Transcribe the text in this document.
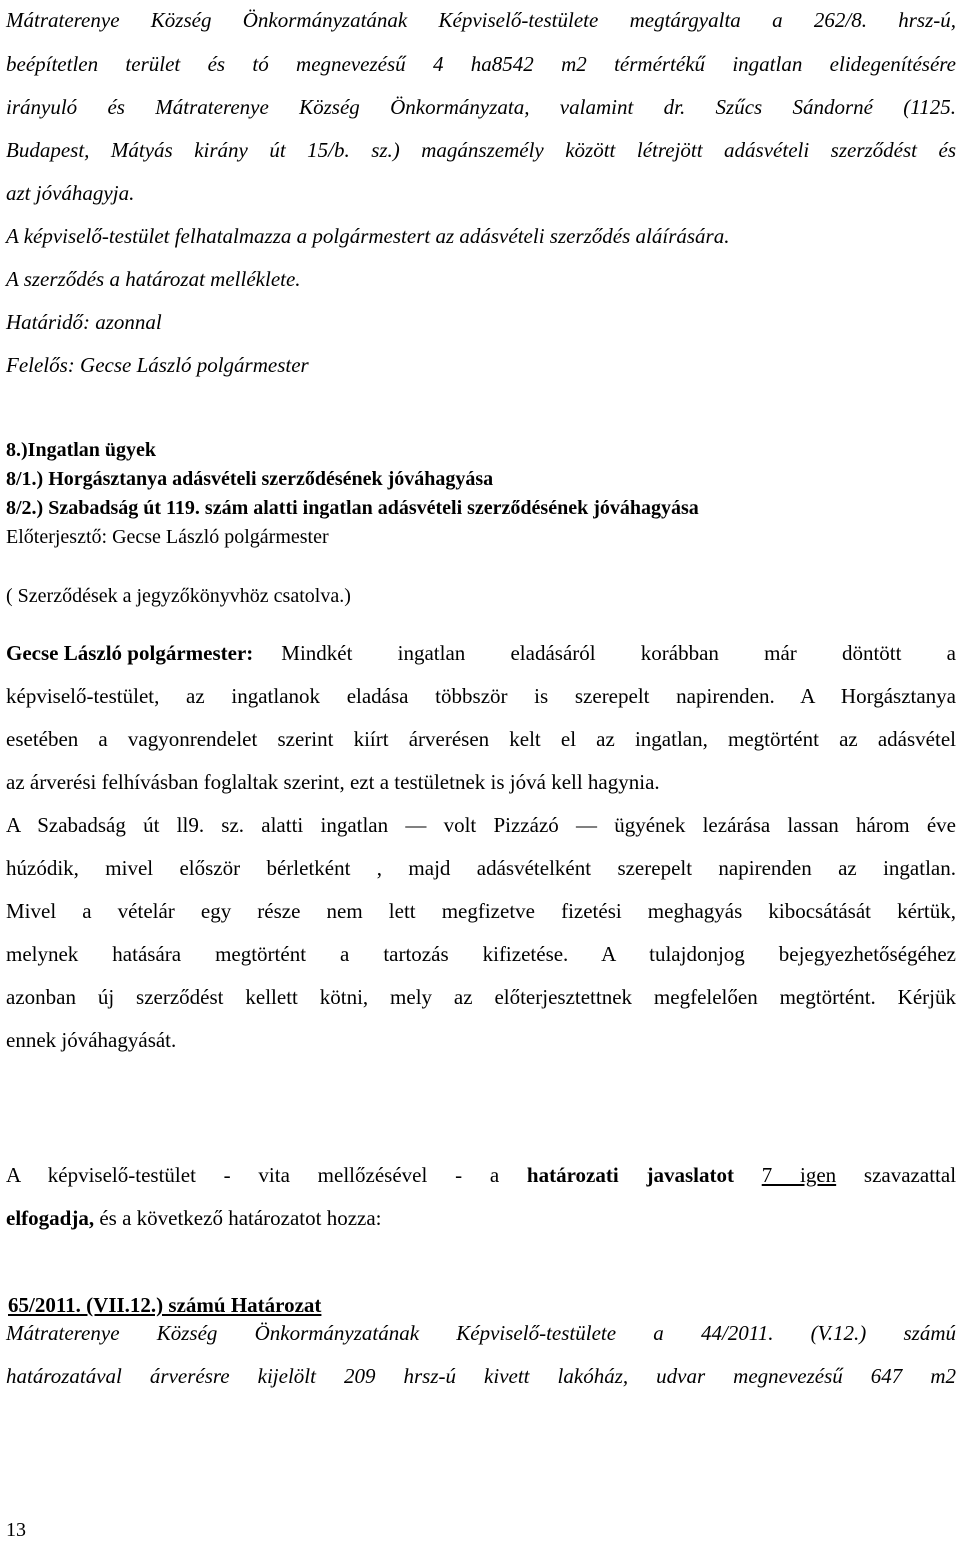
Mátraterenye Község Önkormányzatának Képviselő-testülete megtárgyalta a 262/8. hrsz-ú,
beépítetlen terület és tó megnevezésű 4 ha8542 m2 térmértékű ingatlan elidegenítésére
irányuló és Mátraterenye Község Önkormányzata, valamint dr. Szűcs Sándorné (1125.
Budapest, Mátyás kirány út 15/b. sz.) magánszemély között létrejött adásvételi szerződést és
azt jóváhagyja.
A képviselő-testület felhatalmazza a polgármestert az adásvételi szerződés aláírására.
A szerződés a határozat melléklete.
Határidő: azonnal
Felelős: Gecse László polgármester
8.)Ingatlan ügyek
8/1.) Horgásztanya adásvételi szerződésének jóváhagyása
8/2.) Szabadság út 119. szám alatti ingatlan adásvételi szerződésének jóváhagyása
Előterjesztő: Gecse László polgármester
( Szerződések a jegyzőkönyvhöz csatolva.)
Gecse László polgármester: Mindkét ingatlan eladásáról korábban már döntött a
képviselő-testület, az ingatlanok eladása többször is szerepelt napirenden. A Horgásztanya
esetében a vagyonrendelet szerint kiírt árverésen kelt el az ingatlan, megtörtént az adásvétel
az árverési felhívásban foglaltak szerint, ezt a testületnek is jóvá kell hagynia.
A Szabadság út ll9. sz. alatti ingatlan — volt Pizzázó — ügyének lezárása lassan három éve
húzódik, mivel először bérletként , majd adásvételként szerepelt napirenden az ingatlan.
Mivel a vételár egy része nem lett megfizetve fizetési meghagyás kibocsátását kértük,
melynek hatására megtörtént a tartozás kifizetése. A tulajdonjog bejegyezhetőségéhez
azonban új szerződést kellett kötni, mely az előterjesztettnek megfelelően megtörtént. Kérjük
ennek jóváhagyását.
A képviselő-testület - vita mellőzésével - a határozati javaslatot 7 igen szavazattal
elfogadja, és a következő határozatot hozza:
65/2011. (VII.12.) számú Határozat
Mátraterenye Község Önkormányzatának Képviselő-testülete a 44/2011. (V.12.) számú
határozatával árverésre kijelölt 209 hrsz-ú kivett lakóház, udvar megnevezésű 647 m2
13
